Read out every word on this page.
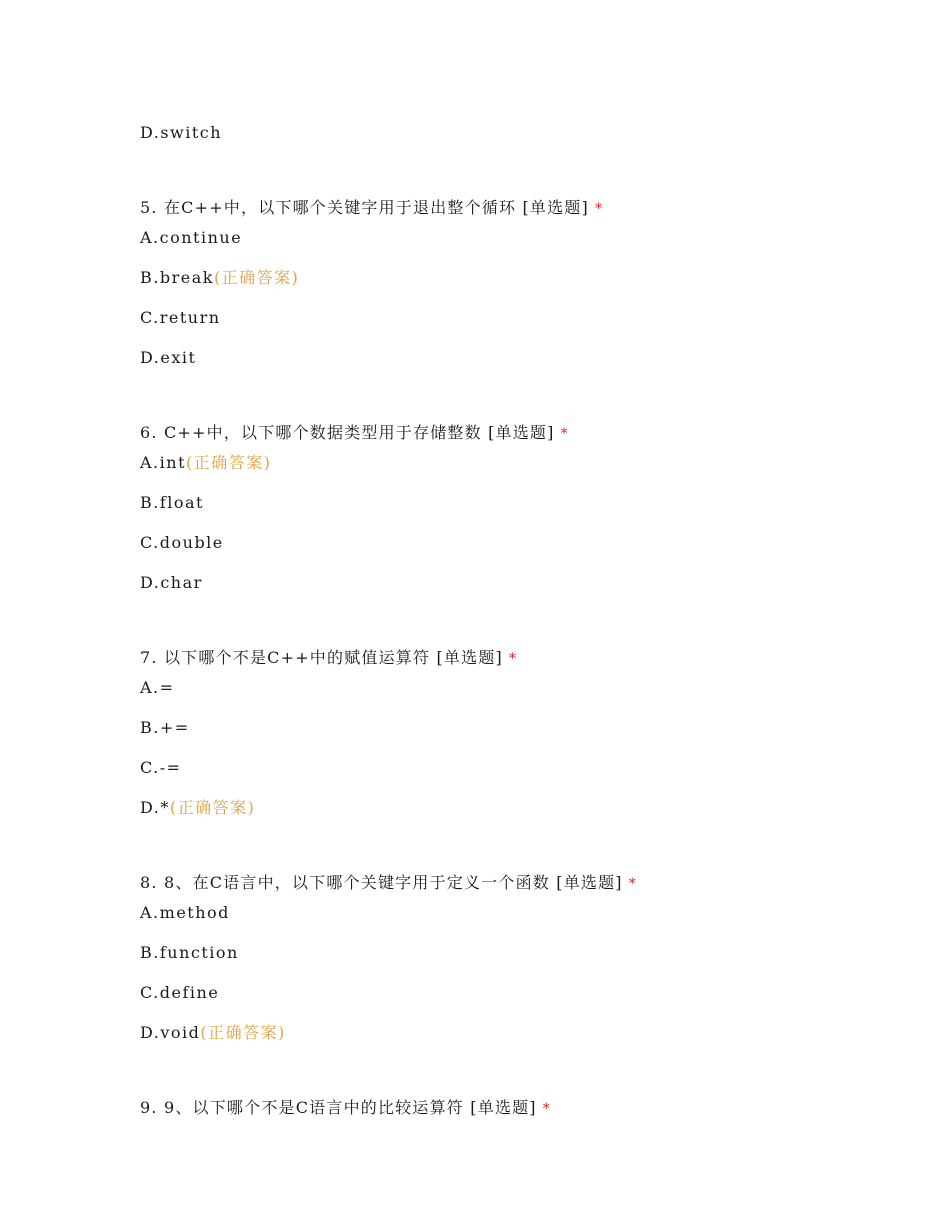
D.switch
5. 在C++中，以下哪个关键字用于退出整个循环 [单选题] *
A.continue
B.break(正确答案)
C.return
D.exit
6. C++中，以下哪个数据类型用于存储整数 [单选题] *
A.int(正确答案)
B.float
C.double
D.char
7. 以下哪个不是C++中的赋值运算符 [单选题] *
A.=
B.+=
C.-=
D.*(正确答案)
8. 8、在C语言中，以下哪个关键字用于定义一个函数 [单选题] *
A.method
B.function
C.define
D.void(正确答案)
9. 9、以下哪个不是C语言中的比较运算符 [单选题] *
